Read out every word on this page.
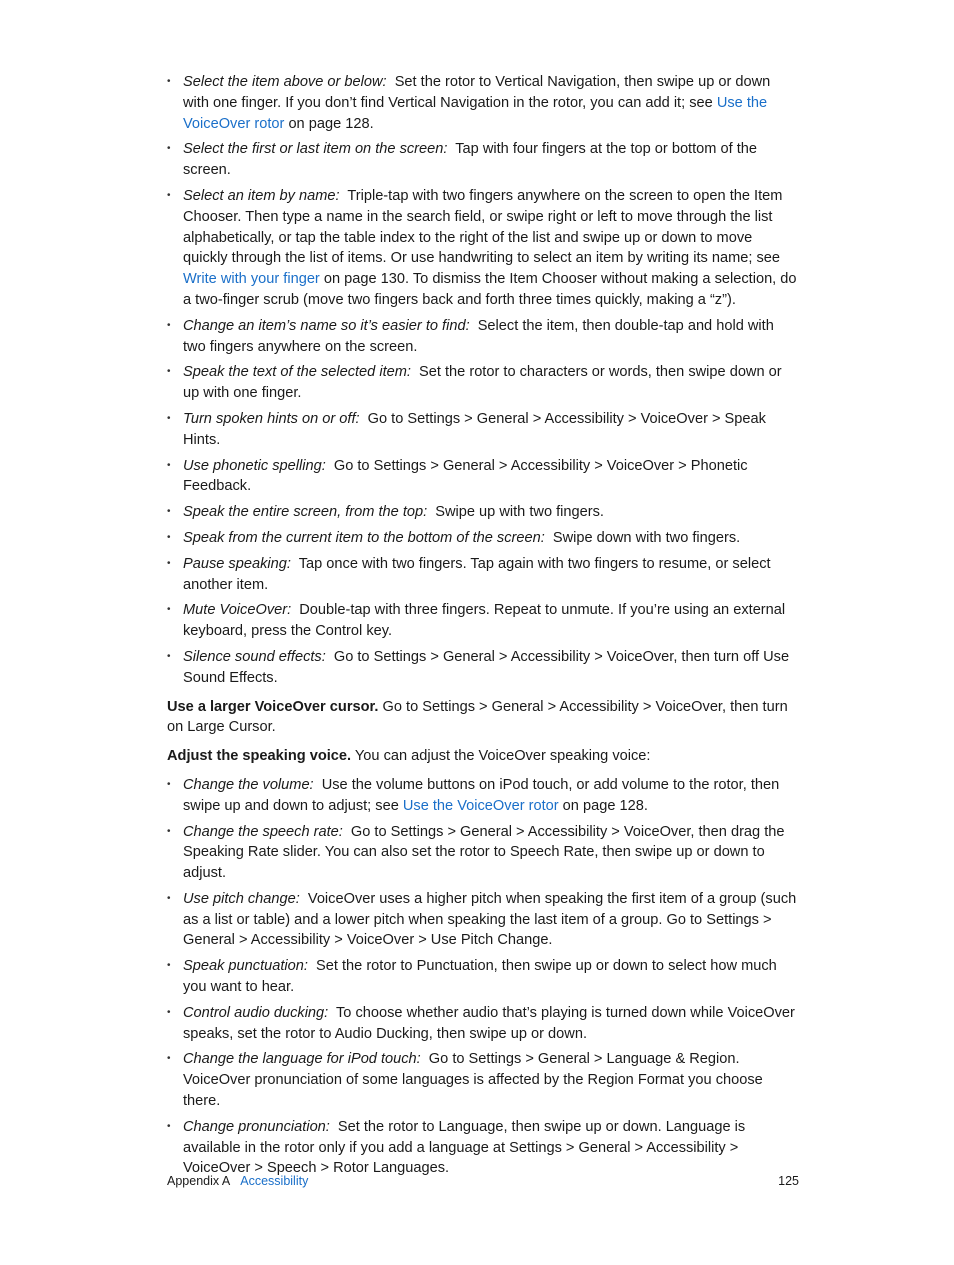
• Select the item above or below: Set the rotor to Vertical Navigation, then swipe up or down with one finger. If you don’t find Vertical Navigation in the rotor, you can add it; see Use the VoiceOver rotor on page 128.
• Select the first or last item on the screen: Tap with four fingers at the top or bottom of the screen.
• Select an item by name: Triple-tap with two fingers anywhere on the screen to open the Item Chooser. Then type a name in the search field, or swipe right or left to move through the list alphabetically, or tap the table index to the right of the list and swipe up or down to move quickly through the list of items. Or use handwriting to select an item by writing its name; see Write with your finger on page 130. To dismiss the Item Chooser without making a selection, do a two-finger scrub (move two fingers back and forth three times quickly, making a “z”).
• Change an item’s name so it’s easier to find: Select the item, then double-tap and hold with two fingers anywhere on the screen.
• Speak the text of the selected item: Set the rotor to characters or words, then swipe down or up with one finger.
• Turn spoken hints on or off: Go to Settings > General > Accessibility > VoiceOver > Speak Hints.
• Use phonetic spelling: Go to Settings > General > Accessibility > VoiceOver > Phonetic Feedback.
• Speak the entire screen, from the top: Swipe up with two fingers.
• Speak from the current item to the bottom of the screen: Swipe down with two fingers.
• Pause speaking: Tap once with two fingers. Tap again with two fingers to resume, or select another item.
• Mute VoiceOver: Double-tap with three fingers. Repeat to unmute. If you’re using an external keyboard, press the Control key.
• Silence sound effects: Go to Settings > General > Accessibility > VoiceOver, then turn off Use Sound Effects.

Use a larger VoiceOver cursor. Go to Settings > General > Accessibility > VoiceOver, then turn on Large Cursor.

Adjust the speaking voice. You can adjust the VoiceOver speaking voice:

• Change the volume: Use the volume buttons on iPod touch, or add volume to the rotor, then swipe up and down to adjust; see Use the VoiceOver rotor on page 128.
• Change the speech rate: Go to Settings > General > Accessibility > VoiceOver, then drag the Speaking Rate slider. You can also set the rotor to Speech Rate, then swipe up or down to adjust.
• Use pitch change: VoiceOver uses a higher pitch when speaking the first item of a group (such as a list or table) and a lower pitch when speaking the last item of a group. Go to Settings > General > Accessibility > VoiceOver > Use Pitch Change.
• Speak punctuation: Set the rotor to Punctuation, then swipe up or down to select how much you want to hear.
• Control audio ducking: To choose whether audio that’s playing is turned down while VoiceOver speaks, set the rotor to Audio Ducking, then swipe up or down.
• Change the language for iPod touch: Go to Settings > General > Language & Region. VoiceOver pronunciation of some languages is affected by the Region Format you choose there.
• Change pronunciation: Set the rotor to Language, then swipe up or down. Language is available in the rotor only if you add a language at Settings > General > Accessibility > VoiceOver > Speech > Rotor Languages.
Appendix A Accessibility	125
